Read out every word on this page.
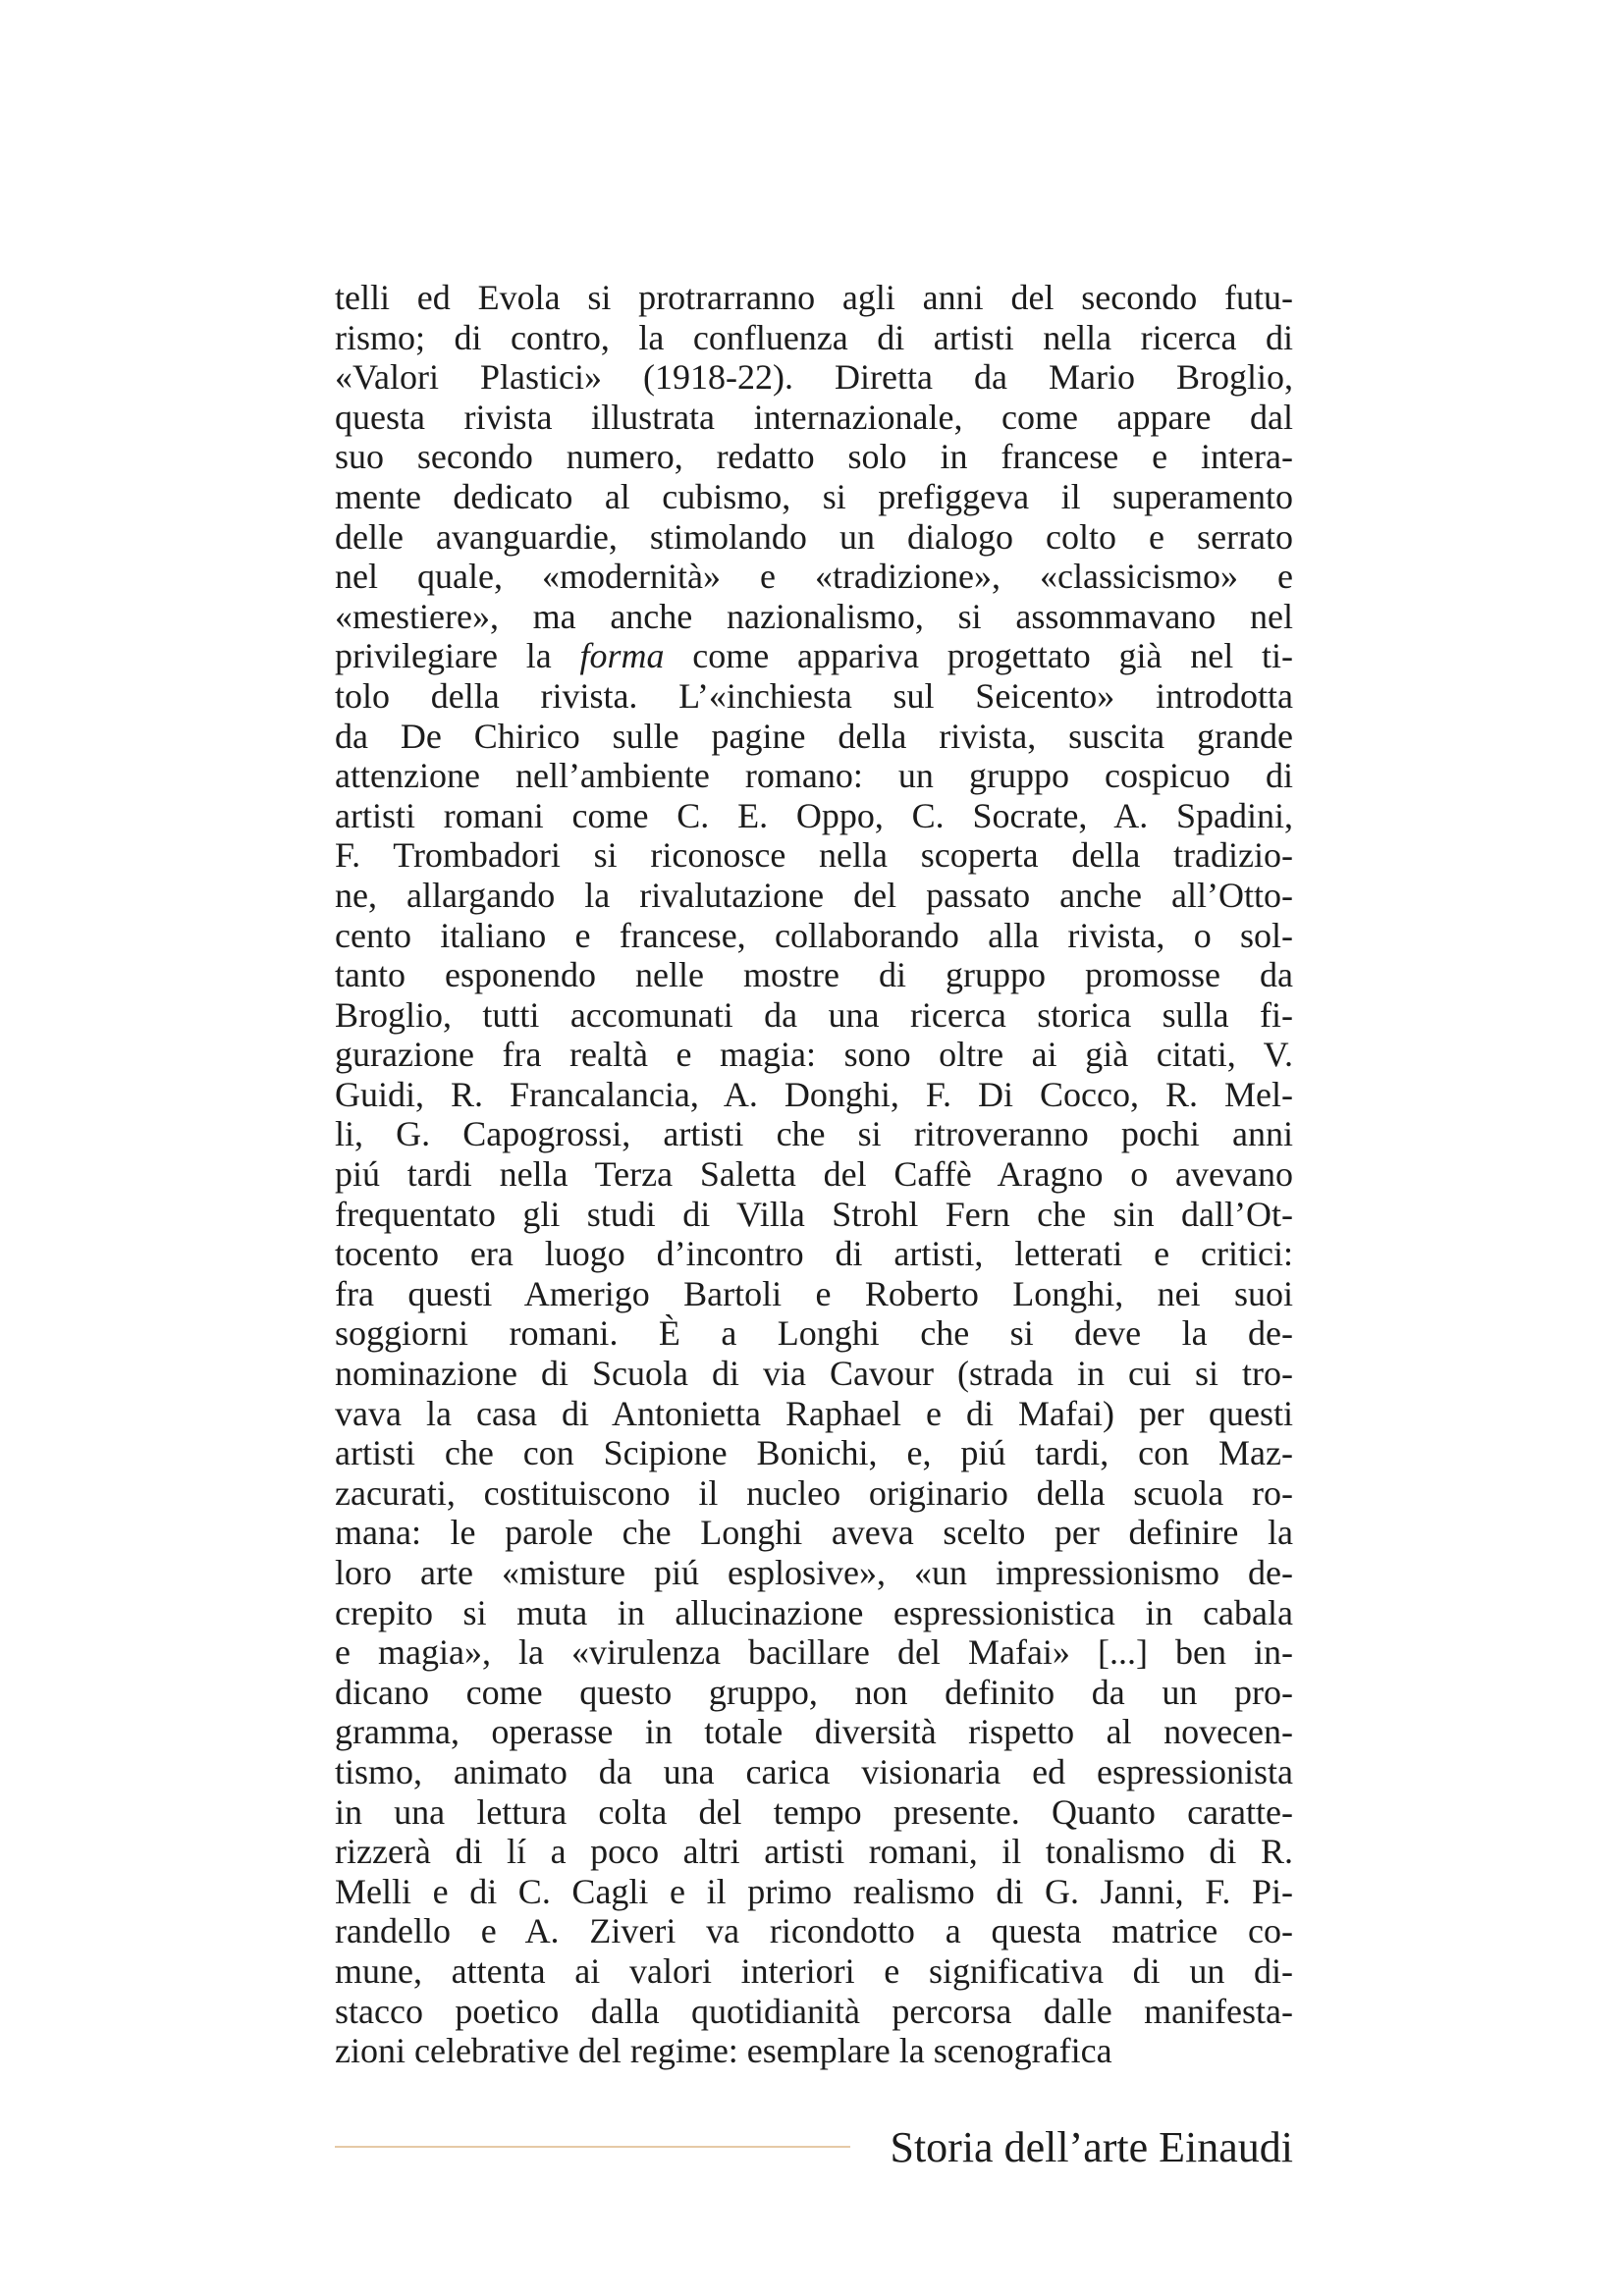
telli ed Evola si protrarranno agli anni del secondo futu-
rismo; di contro, la confluenza di artisti nella ricerca di
«Valori Plastici» (1918-22). Diretta da Mario Broglio,
questa rivista illustrata internazionale, come appare dal
suo secondo numero, redatto solo in francese e intera-
mente dedicato al cubismo, si prefiggeva il superamento
delle avanguardie, stimolando un dialogo colto e serrato
nel quale, «modernità» e «tradizione», «classicismo» e
«mestiere», ma anche nazionalismo, si assommavano nel
privilegiare la forma come appariva progettato già nel ti-
tolo della rivista. L’«inchiesta sul Seicento» introdotta
da De Chirico sulle pagine della rivista, suscita grande
attenzione nell’ambiente romano: un gruppo cospicuo di
artisti romani come C. E. Oppo, C. Socrate, A. Spadini,
F. Trombadori si riconosce nella scoperta della tradizio-
ne, allargando la rivalutazione del passato anche all’Otto-
cento italiano e francese, collaborando alla rivista, o sol-
tanto esponendo nelle mostre di gruppo promosse da
Broglio, tutti accomunati da una ricerca storica sulla fi-
gurazione fra realtà e magia: sono oltre ai già citati, V.
Guidi, R. Francalancia, A. Donghi, F. Di Cocco, R. Mel-
li, G. Capogrossi, artisti che si ritroveranno pochi anni
piú tardi nella Terza Saletta del Caffè Aragno o avevano
frequentato gli studi di Villa Strohl Fern che sin dall’Ot-
tocento era luogo d’incontro di artisti, letterati e critici:
fra questi Amerigo Bartoli e Roberto Longhi, nei suoi
soggiorni romani. È a Longhi che si deve la de-
nominazione di Scuola di via Cavour (strada in cui si tro-
vava la casa di Antonietta Raphael e di Mafai) per questi
artisti che con Scipione Bonichi, e, piú tardi, con Maz-
zacurati, costituiscono il nucleo originario della scuola ro-
mana: le parole che Longhi aveva scelto per definire la
loro arte «misture piú esplosive», «un impressionismo de-
crepito si muta in allucinazione espressionistica in cabala
e magia», la «virulenza bacillare del Mafai» [...] ben in-
dicano come questo gruppo, non definito da un pro-
gramma, operasse in totale diversità rispetto al novecen-
tismo, animato da una carica visionaria ed espressionista
in una lettura colta del tempo presente. Quanto caratte-
rizzerà di lí a poco altri artisti romani, il tonalismo di R.
Melli e di C. Cagli e il primo realismo di G. Janni, F. Pi-
randello e A. Ziveri va ricondotto a questa matrice co-
mune, attenta ai valori interiori e significativa di un di-
stacco poetico dalla quotidianità percorsa dalle manifesta-
zioni celebrative del regime: esemplare la scenografica
Storia dell’arte Einaudi
